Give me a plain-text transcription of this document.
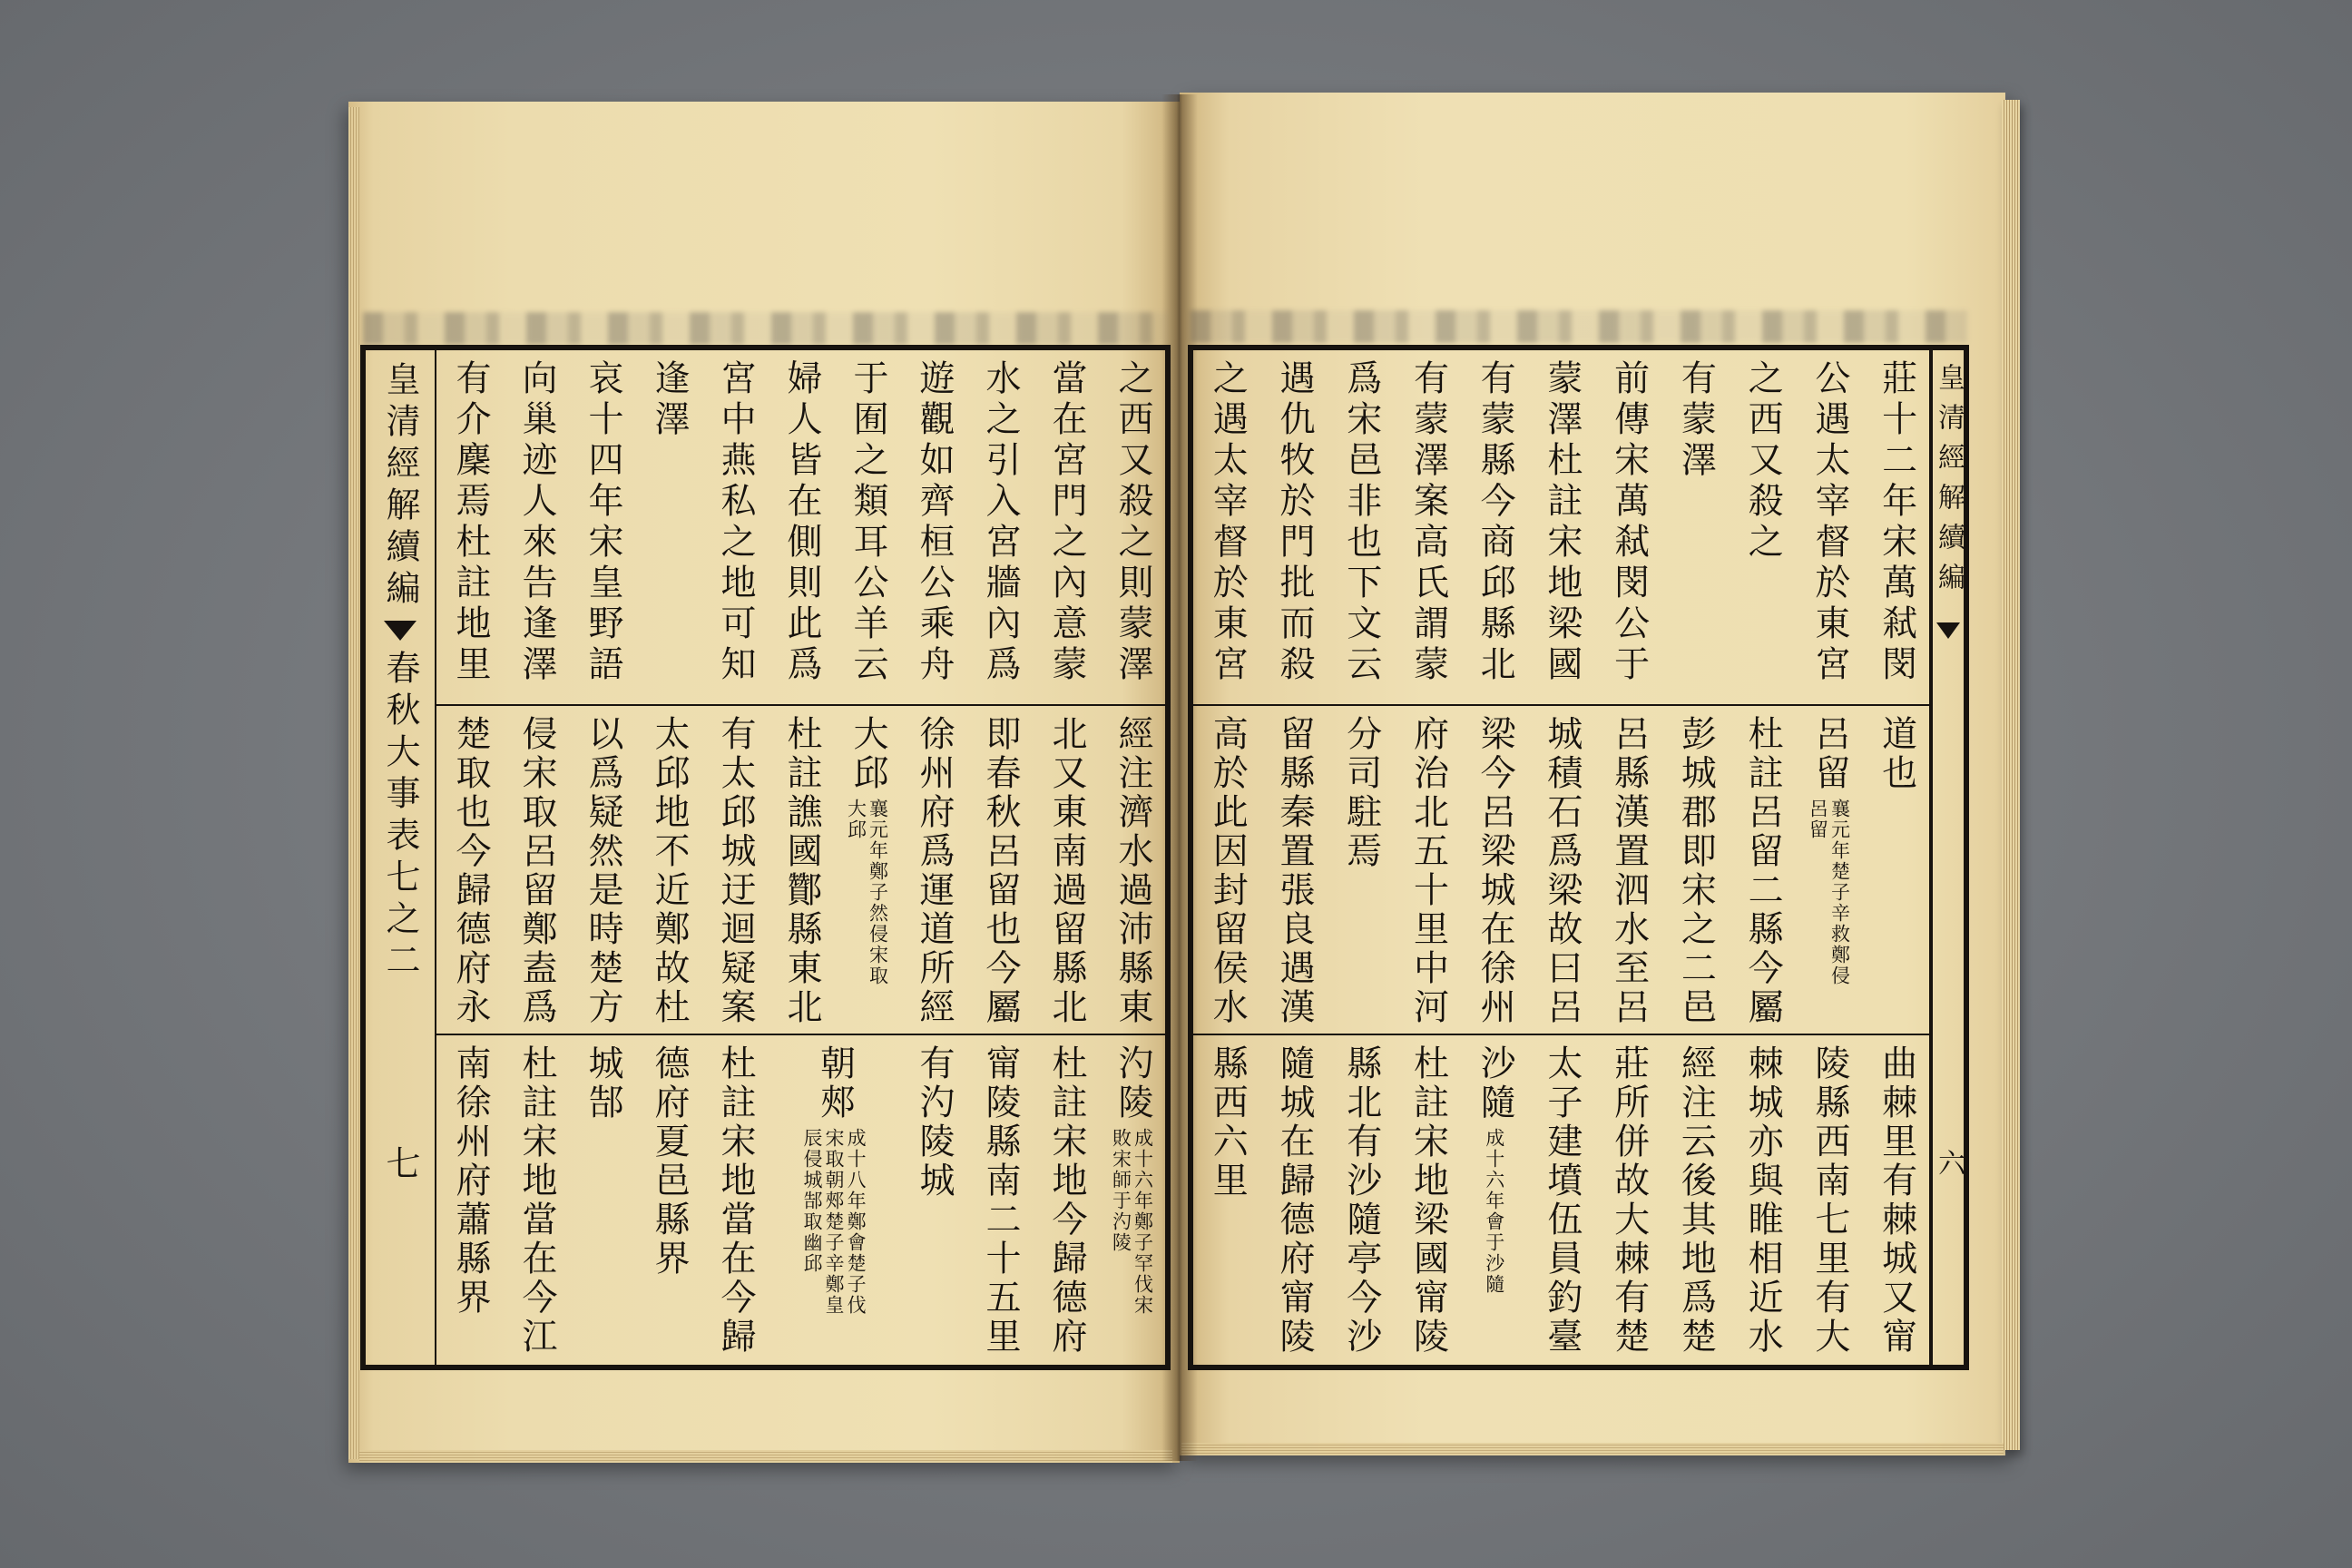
皇清經解續編
春秋大事表七之二
七
之西又殺之則蒙澤
當在宮門之內意蒙
水之引入宮牆內爲
遊觀如齊桓公乘舟
于囿之類耳公羊云
婦人皆在側則此爲
宮中燕私之地可知
逢澤
哀十四年宋皇野語
向巢迹人來告逢澤
有介麇焉杜註地里
經注濟水過沛縣東
北又東南過留縣北
即春秋呂留也今屬
徐州府爲運道所經
大邱
襄元年鄭子然侵宋取
大邱
杜註譙國酇縣東北
有太邱城迂迴疑案
太邱地不近鄭故杜
以爲疑然是時楚方
侵宋取呂留鄭盍爲
楚取也今歸德府永
汋陵
成十六年鄭子罕伐宋
敗宋師于汋陵
杜註宋地今歸德府
甯陵縣南二十五里
有汋陵城
朝郟
成十八年鄭會楚子伐
宋取朝郟楚子辛鄭皇
辰侵城郜取幽邱
杜註宋地當在今歸
德府夏邑縣界
城郜
杜註宋地當在今江
南徐州府蕭縣界
莊十二年宋萬弒閔
公遇太宰督於東宮
之西又殺之
有蒙澤
前傳宋萬弒閔公于
蒙澤杜註宋地梁國
有蒙縣今商邱縣北
有蒙澤案高氏謂蒙
爲宋邑非也下文云
遇仇牧於門批而殺
之遇太宰督於東宮
道也
呂留
襄元年楚子辛救鄭侵
呂留
杜註呂留二縣今屬
彭城郡即宋之二邑
呂縣漢置泗水至呂
城積石爲梁故曰呂
梁今呂梁城在徐州
府治北五十里中河
分司駐焉
留縣秦置張良遇漢
高於此因封留侯水
曲棘里有棘城又甯
陵縣西南七里有大
棘城亦與睢相近水
經注云後其地爲楚
莊所併故大棘有楚
太子建墳伍員釣臺
沙隨
成十六年會于沙隨
杜註宋地梁國甯陵
縣北有沙隨亭今沙
隨城在歸德府甯陵
縣西六里
皇清經解續編
六
